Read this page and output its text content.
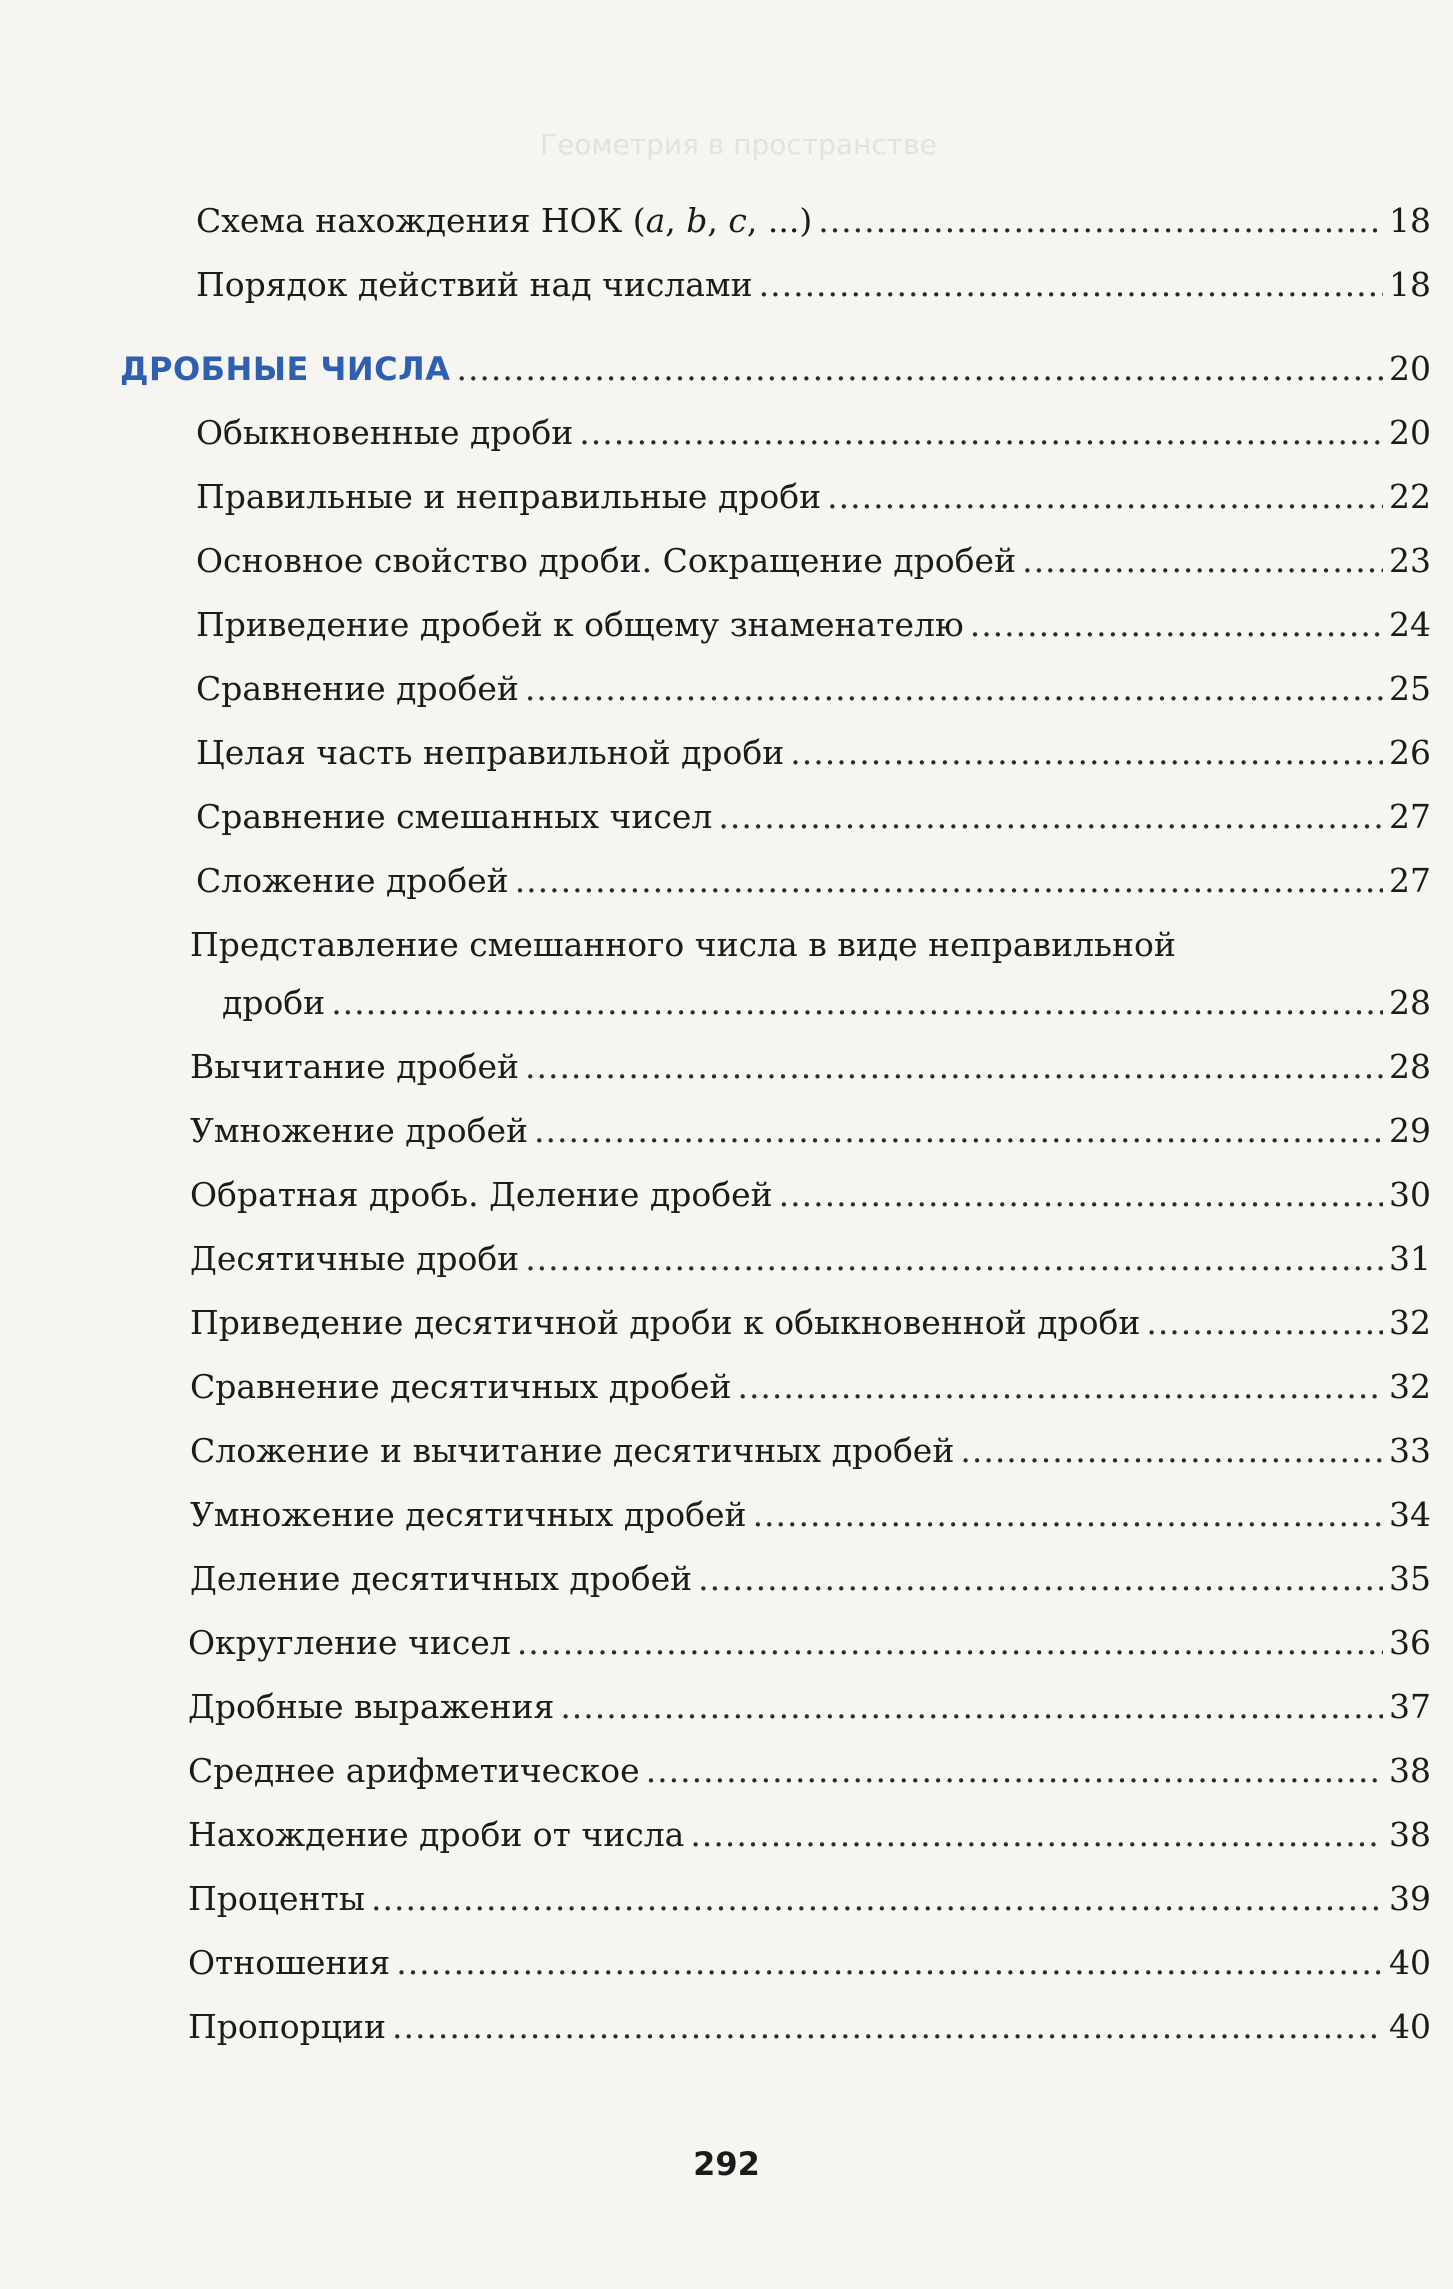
Геометрия в пространстве
Схема нахождения НОК (a, b, c, ...) .....	18
Порядок действий над числами .....	18
ДРОБНЫЕ ЧИСЛА .....	20
Обыкновенные дроби .....	20
Правильные и неправильные дроби .....	22
Основное свойство дроби. Сокращение дробей .....	23
Приведение дробей к общему знаменателю .....	24
Сравнение дробей .....	25
Целая часть неправильной дроби .....	26
Сравнение смешанных чисел .....	27
Сложение дробей .....	27
Представление смешанного числа в виде неправильной
дроби .....	28
Вычитание дробей .....	28
Умножение дробей .....	29
Обратная дробь. Деление дробей .....	30
Десятичные дроби .....	31
Приведение десятичной дроби к обыкновенной дроби .....	32
Сравнение десятичных дробей .....	32
Сложение и вычитание десятичных дробей .....	33
Умножение десятичных дробей .....	34
Деление десятичных дробей .....	35
Округление чисел .....	36
Дробные выражения .....	37
Среднее арифметическое .....	38
Нахождение дроби от числа .....	38
Проценты .....	39
Отношения .....	40
Пропорции .....	40
292
